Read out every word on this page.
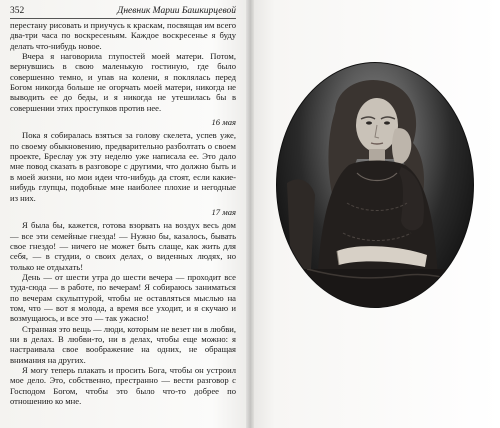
352	Дневник Марии Башкирцевой

перестану рисовать и приучусь к краскам, посвящая им всего два-три часа по воскресеньям. Каждое воскресенье я буду делать что-нибудь новое.

Вчера я наговорила глупостей моей матери. Потом, вернувшись в свою маленькую гостиную, где было совершенно темно, и упав на колени, я поклялась перед Богом никогда больше не огорчать моей матери, никогда не выводить ее до беды, и я никогда не утешилась бы в совершении этих проступков против нее.

16 мая

Пока я собиралась взяться за голову скелета, успев уже, по своему обыкновению, предварительно разболтать о своем проекте, Бреслау уж эту неделю уже написала ее. Это дало мне повод сказать в разговоре с другими, что должно быть и в моей жизни, но мои идеи что-нибудь да стоят, если какие-нибудь глупцы, подобные мне наиболее плохие и негодные из них.

17 мая

Я была бы, кажется, готова взорвать на воздух весь дом — все эти семейные гнезда! — Нужно бы, казалось, бывать свое гнездо! — ничего не может быть слаще, как жить для себя, — в студии, о своих делах, о виденных людях, но только не отдыхать!

День — от шести утра до шести вечера — проходит все туда-сюда — в работе, по вечерам! Я собираюсь заниматься по вечерам скульптурой, чтобы не оставляться мыслью на том, что — вот я молода, а время все уходит, и я скучаю и возмущаюсь, и все это — так ужасно!

Странная это вещь — люди, которым не везет ни в любви, ни в делах. В любви-то, ни в делах, чтобы еще можно: я настраивала свое воображение на одних, не обращая внимания на других.

Я могу теперь плакать и просить Бога, чтобы он устроил мое дело. Это, собственно, престранно — вести разговор с Господом Богом, чтобы это было что-то добрее по отношению ко мне.
